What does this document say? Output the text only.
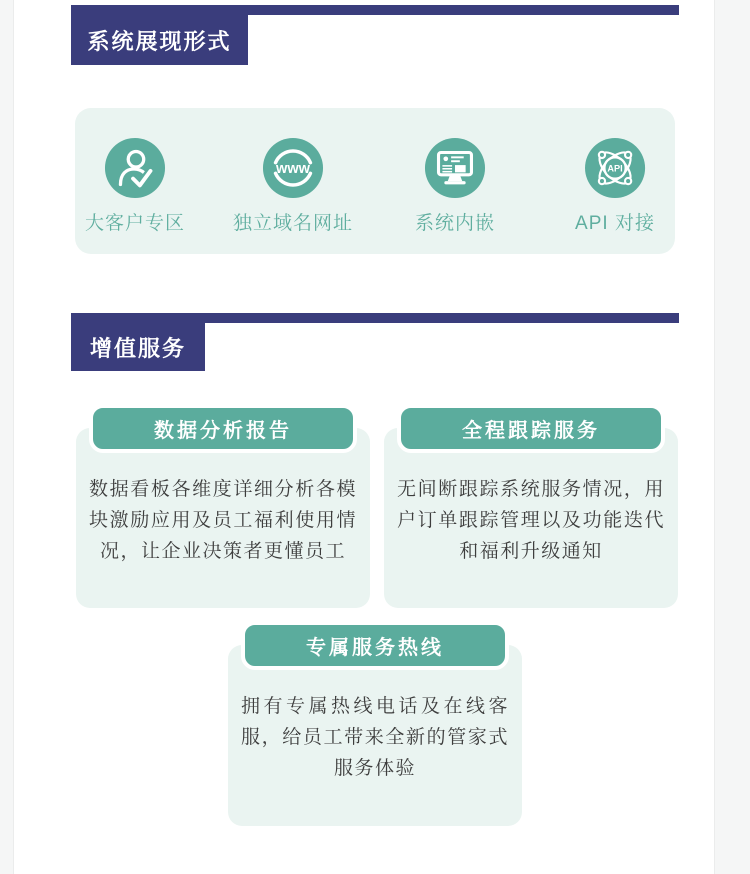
系统展现形式
大客户专区
www
独立域名网址	系统内嵌
API
API 对接
增值服务

数据看板各维度详细分析各模块激励应用及员工福利使用情况，让企业决策者更懂员工

数据分析报告

无间断跟踪系统服务情况，用户订单跟踪管理以及功能迭代和福利升级通知

全程跟踪服务

拥有专属热线电话及在线客服，给员工带来全新的管家式服务体验

专属服务热线
